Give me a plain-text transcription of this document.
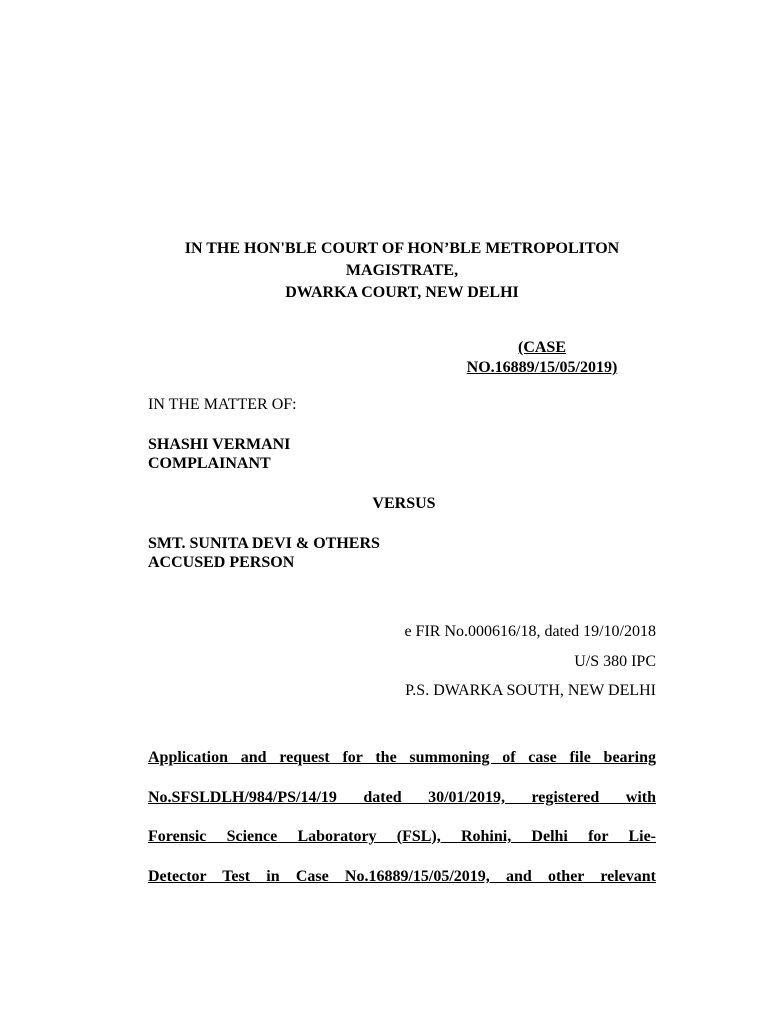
IN THE HON'BLE COURT OF HON’BLE METROPOLITON
MAGISTRATE,
DWARKA COURT, NEW DELHI
(CASE
NO.16889/15/05/2019)
IN THE MATTER OF:
SHASHI VERMANI
COMPLAINANT
VERSUS
SMT. SUNITA DEVI & OTHERS
ACCUSED PERSON
e FIR No.000616/18, dated 19/10/2018
U/S 380 IPC
P.S. DWARKA SOUTH, NEW DELHI
Application and request for the summoning of case file bearing
No.SFSLDLH/984/PS/14/19 dated 30/01/2019, registered with
Forensic Science Laboratory (FSL), Rohini, Delhi for Lie-
Detector Test in Case No.16889/15/05/2019, and other relevant
